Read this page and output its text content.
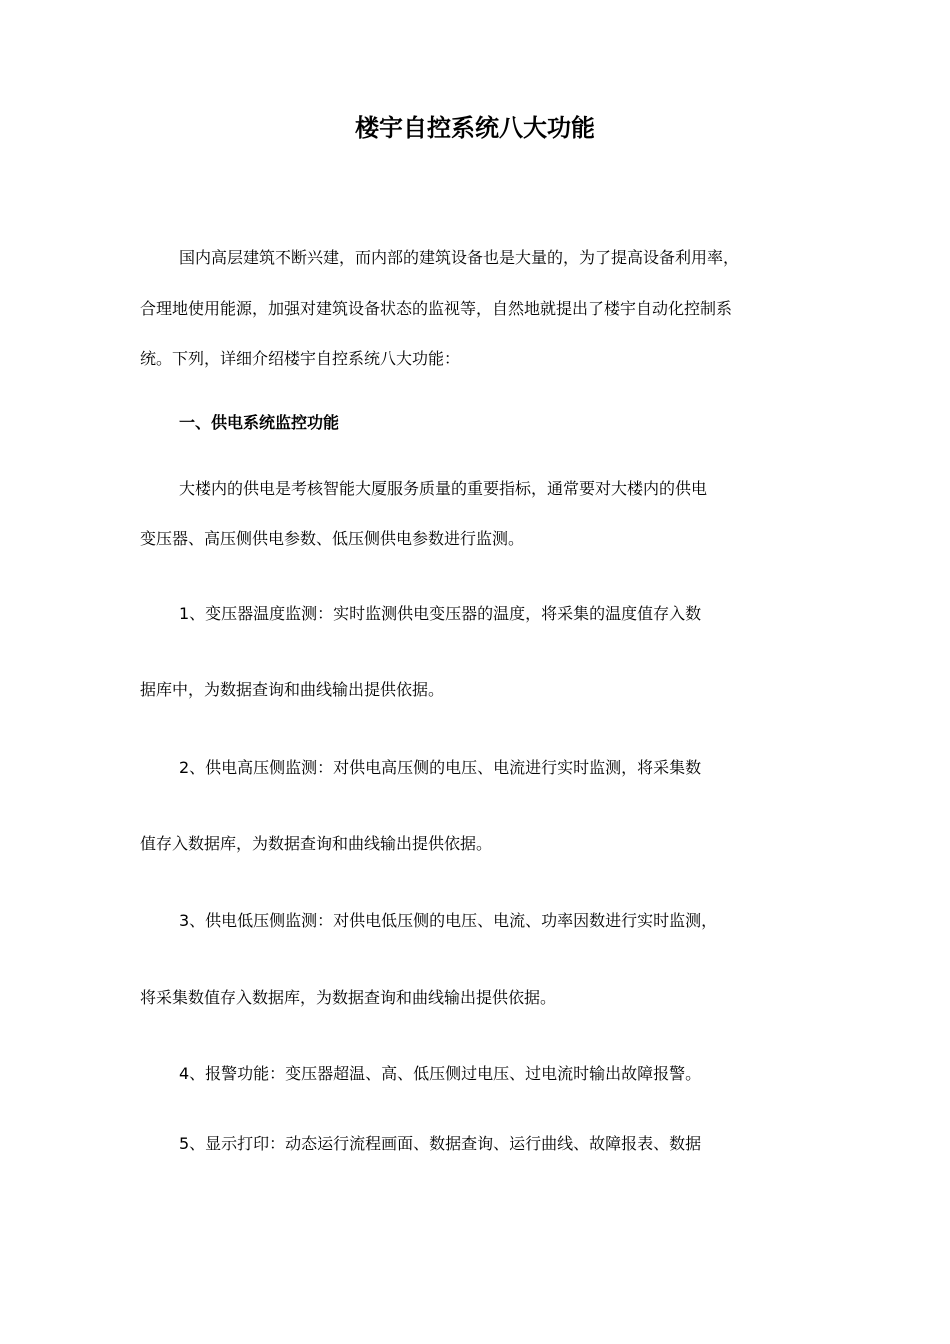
楼宇自控系统八大功能

国内高层建筑不断兴建，而内部的建筑设备也是大量的，为了提高设备利用率，

合理地使用能源，加强对建筑设备状态的监视等，自然地就提出了楼宇自动化控制系

统。下列，详细介绍楼宇自控系统八大功能：

一、供电系统监控功能

大楼内的供电是考核智能大厦服务质量的重要指标，通常要对大楼内的供电

变压器、高压侧供电参数、低压侧供电参数进行监测。

1、变压器温度监测：实时监测供电变压器的温度，将采集的温度值存入数

据库中，为数据查询和曲线输出提供依据。

2、供电高压侧监测：对供电高压侧的电压、电流进行实时监测，将采集数

值存入数据库，为数据查询和曲线输出提供依据。

3、供电低压侧监测：对供电低压侧的电压、电流、功率因数进行实时监测，

将采集数值存入数据库，为数据查询和曲线输出提供依据。

4、报警功能：变压器超温、高、低压侧过电压、过电流时输出故障报警。

5、显示打印：动态运行流程画面、数据查询、运行曲线、故障报表、数据
